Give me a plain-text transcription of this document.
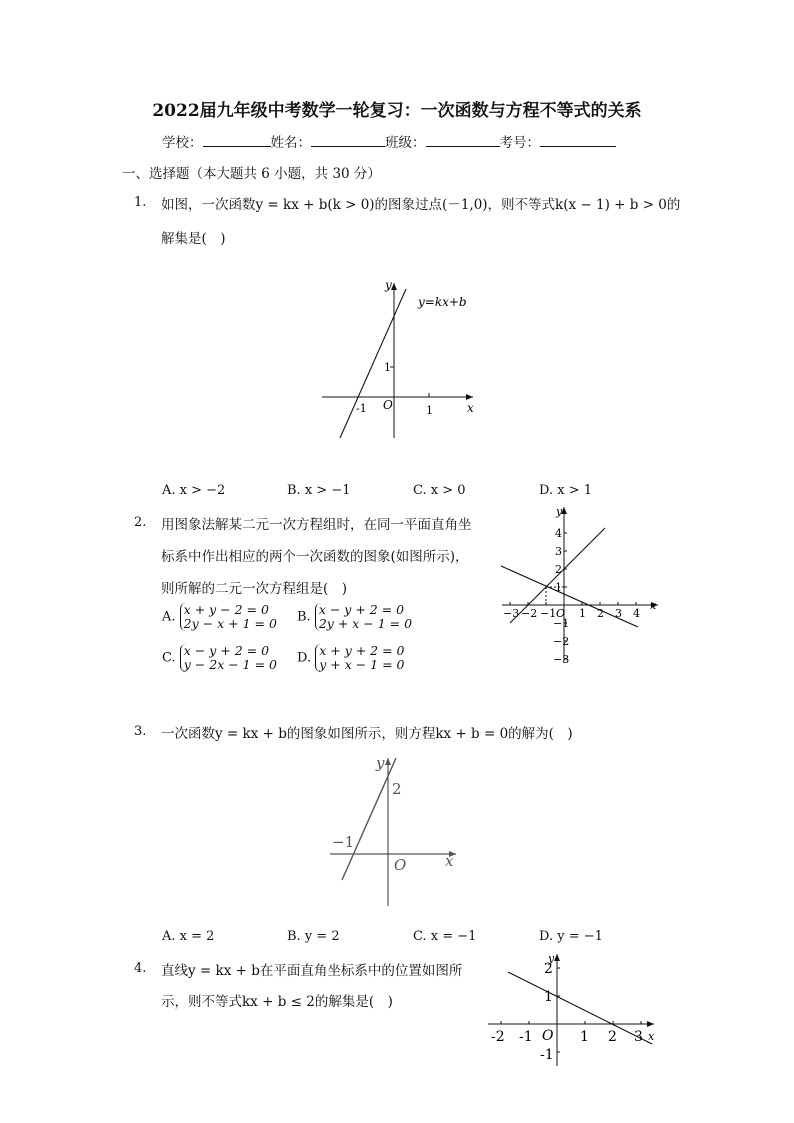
2022届九年级中考数学一轮复习：一次函数与方程不等式的关系
学校：	姓名：	班级：	考号：
一、选择题（本大题共 6 小题，共 30 分）
1. 如图，一次函数y = kx + b(k > 0)的图象过点(－1,0)，则不等式k(x − 1) + b > 0的
解集是(　)
y
x
O
y=kx+b
-1	1
1
A. x > −2	B. x > −1	C. x > 0	D. x > 1
2. 用图象法解某二元一次方程组时，在同一平面直角坐
标系中作出相应的两个一次函数的图象(如图所示)，
则所解的二元一次方程组是(　)
A. x + y − 2 = 0
2y − x + 1 = 0 B. x − y + 2 = 0
2y + x − 1 = 0
C. x − y + 2 = 0
y − 2x − 1 = 0 D. x + y + 2 = 0
y + x − 1 = 0
y
x
O
−3 −2 −1 1 2 3 4
4
3
2
1
−1
−2
−3
3. 一次函数y = kx + b的图象如图所示，则方程kx + b = 0的解为(　)
y
x
O
2
−1
A. x = 2	B. y = 2	C. x = −1	D. y = −1
4. 直线y = kx + b在平面直角坐标系中的位置如图所
示，则不等式kx + b ≤ 2的解集是(　)
y
x
O
-2 -1	1 2 3
2
1
-1
